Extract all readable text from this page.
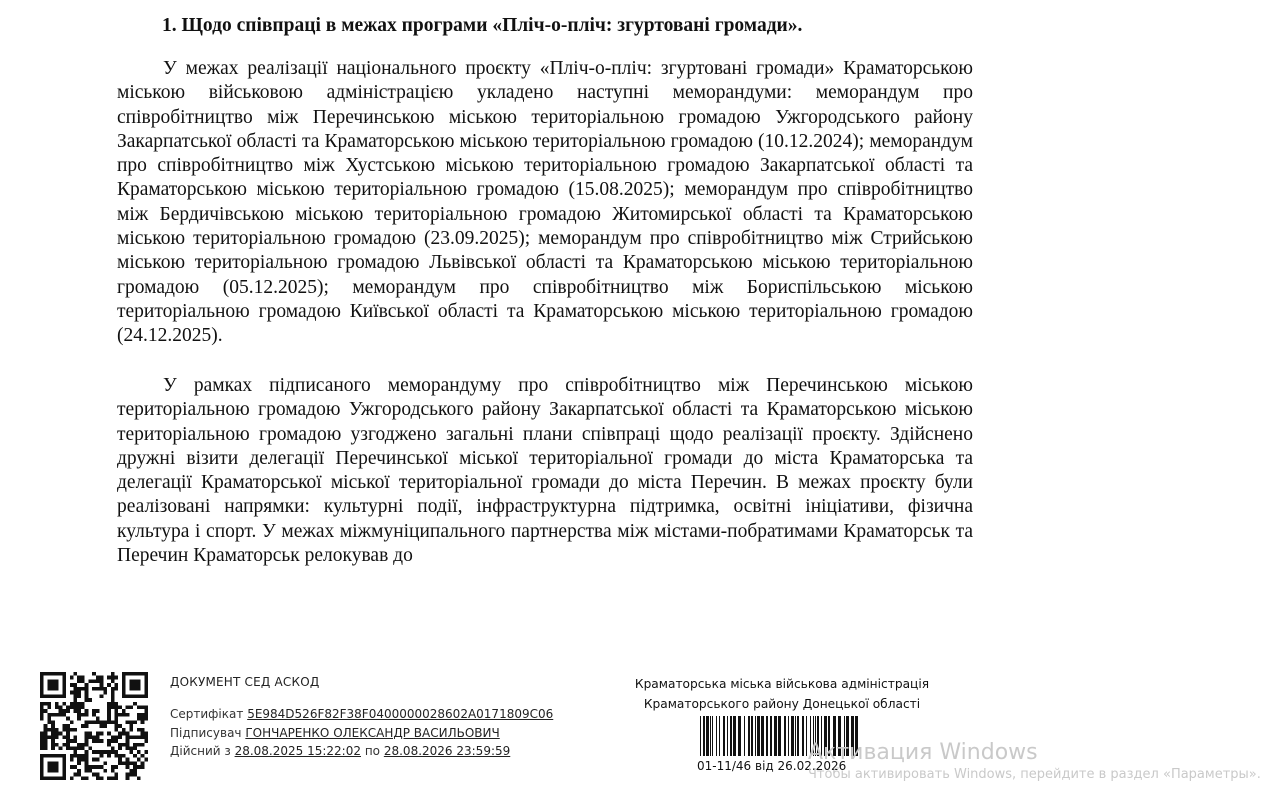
1. Щодо співпраці в межах програми «Пліч-о-пліч: згуртовані громади».

У межах реалізації національного проєкту «Пліч-о-пліч: згуртовані громади» Краматорською міською військовою адміністрацією укладено наступні меморандуми: меморандум про співробітництво між Перечинською міською територіальною громадою Ужгородського району Закарпатської області та Краматорською міською територіальною громадою (10.12.2024); меморандум про співробітництво між Хустською міською територіальною громадою Закарпатської області та Краматорською міською територіальною громадою (15.08.2025); меморандум про співробітництво між Бердичівською міською територіальною громадою Житомирської області та Краматорською міською територіальною громадою (23.09.2025); меморандум про співробітництво між Стрийською міською територіальною громадою Львівської області та Краматорською міською територіальною громадою (05.12.2025); меморандум про співробітництво між Бориспільською міською територіальною громадою Київської області та Краматорською міською територіальною громадою (24.12.2025).

У рамках підписаного меморандуму про співробітництво між Перечинською міською територіальною громадою Ужгородського району Закарпатської області та Краматорською міською територіальною громадою узгоджено загальні плани співпраці щодо реалізації проєкту. Здійснено дружні візити делегації Перечинської міської територіальної громади до міста Краматорська та делегації Краматорської міської територіальної громади до міста Перечин. В межах проєкту були реалізовані напрямки: культурні події, інфраструктурна підтримка, освітні ініціативи, фізична культура і спорт. У межах міжмуніципального партнерства між містами-побратимами Краматорськ та Перечин Краматорськ релокував до

ДОКУМЕНТ СЕД АСКОД
Сертифікат 5E984D526F82F38F0400000028602A0171809C06
Підписувач ГОНЧАРЕНКО ОЛЕКСАНДР ВАСИЛЬОВИЧ
Дійсний з 28.08.2025 15:22:02 по 28.08.2026 23:59:59
Краматорська міська військова адміністрація
Краматорського району Донецької області
01-11/46 від 26.02.2026
Активация Windows
Чтобы активировать Windows, перейдите в раздел «Параметры».
